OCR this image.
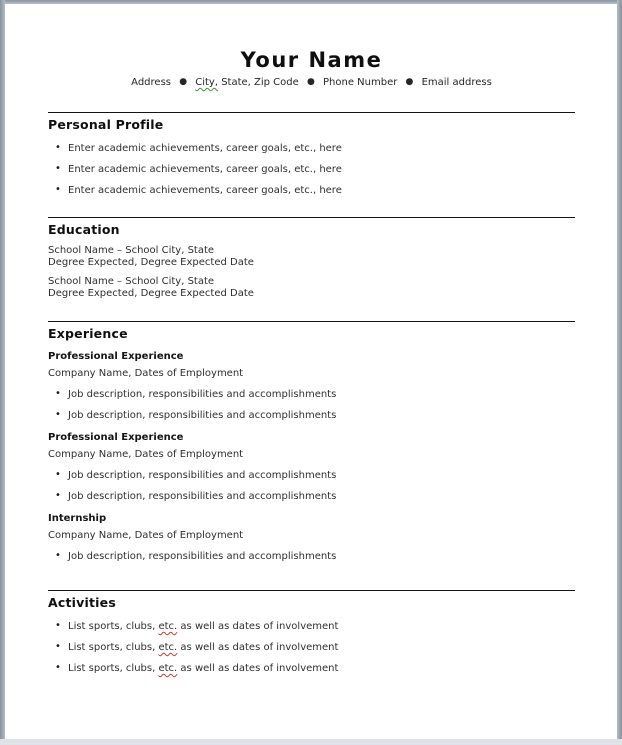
Your Name
Address ● City, State, Zip Code ● Phone Number ● Email address
Personal Profile
• Enter academic achievements, career goals, etc., here
• Enter academic achievements, career goals, etc., here
• Enter academic achievements, career goals, etc., here
Education

School Name – School City, State

Degree Expected, Degree Expected Date

School Name – School City, State

Degree Expected, Degree Expected Date

Experience
Professional Experience

Company Name, Dates of Employment

• Job description, responsibilities and accomplishments
• Job description, responsibilities and accomplishments
Professional Experience

Company Name, Dates of Employment

• Job description, responsibilities and accomplishments
• Job description, responsibilities and accomplishments
Internship

Company Name, Dates of Employment

• Job description, responsibilities and accomplishments
Activities
• List sports, clubs, etc. as well as dates of involvement
• List sports, clubs, etc. as well as dates of involvement
• List sports, clubs, etc. as well as dates of involvement
